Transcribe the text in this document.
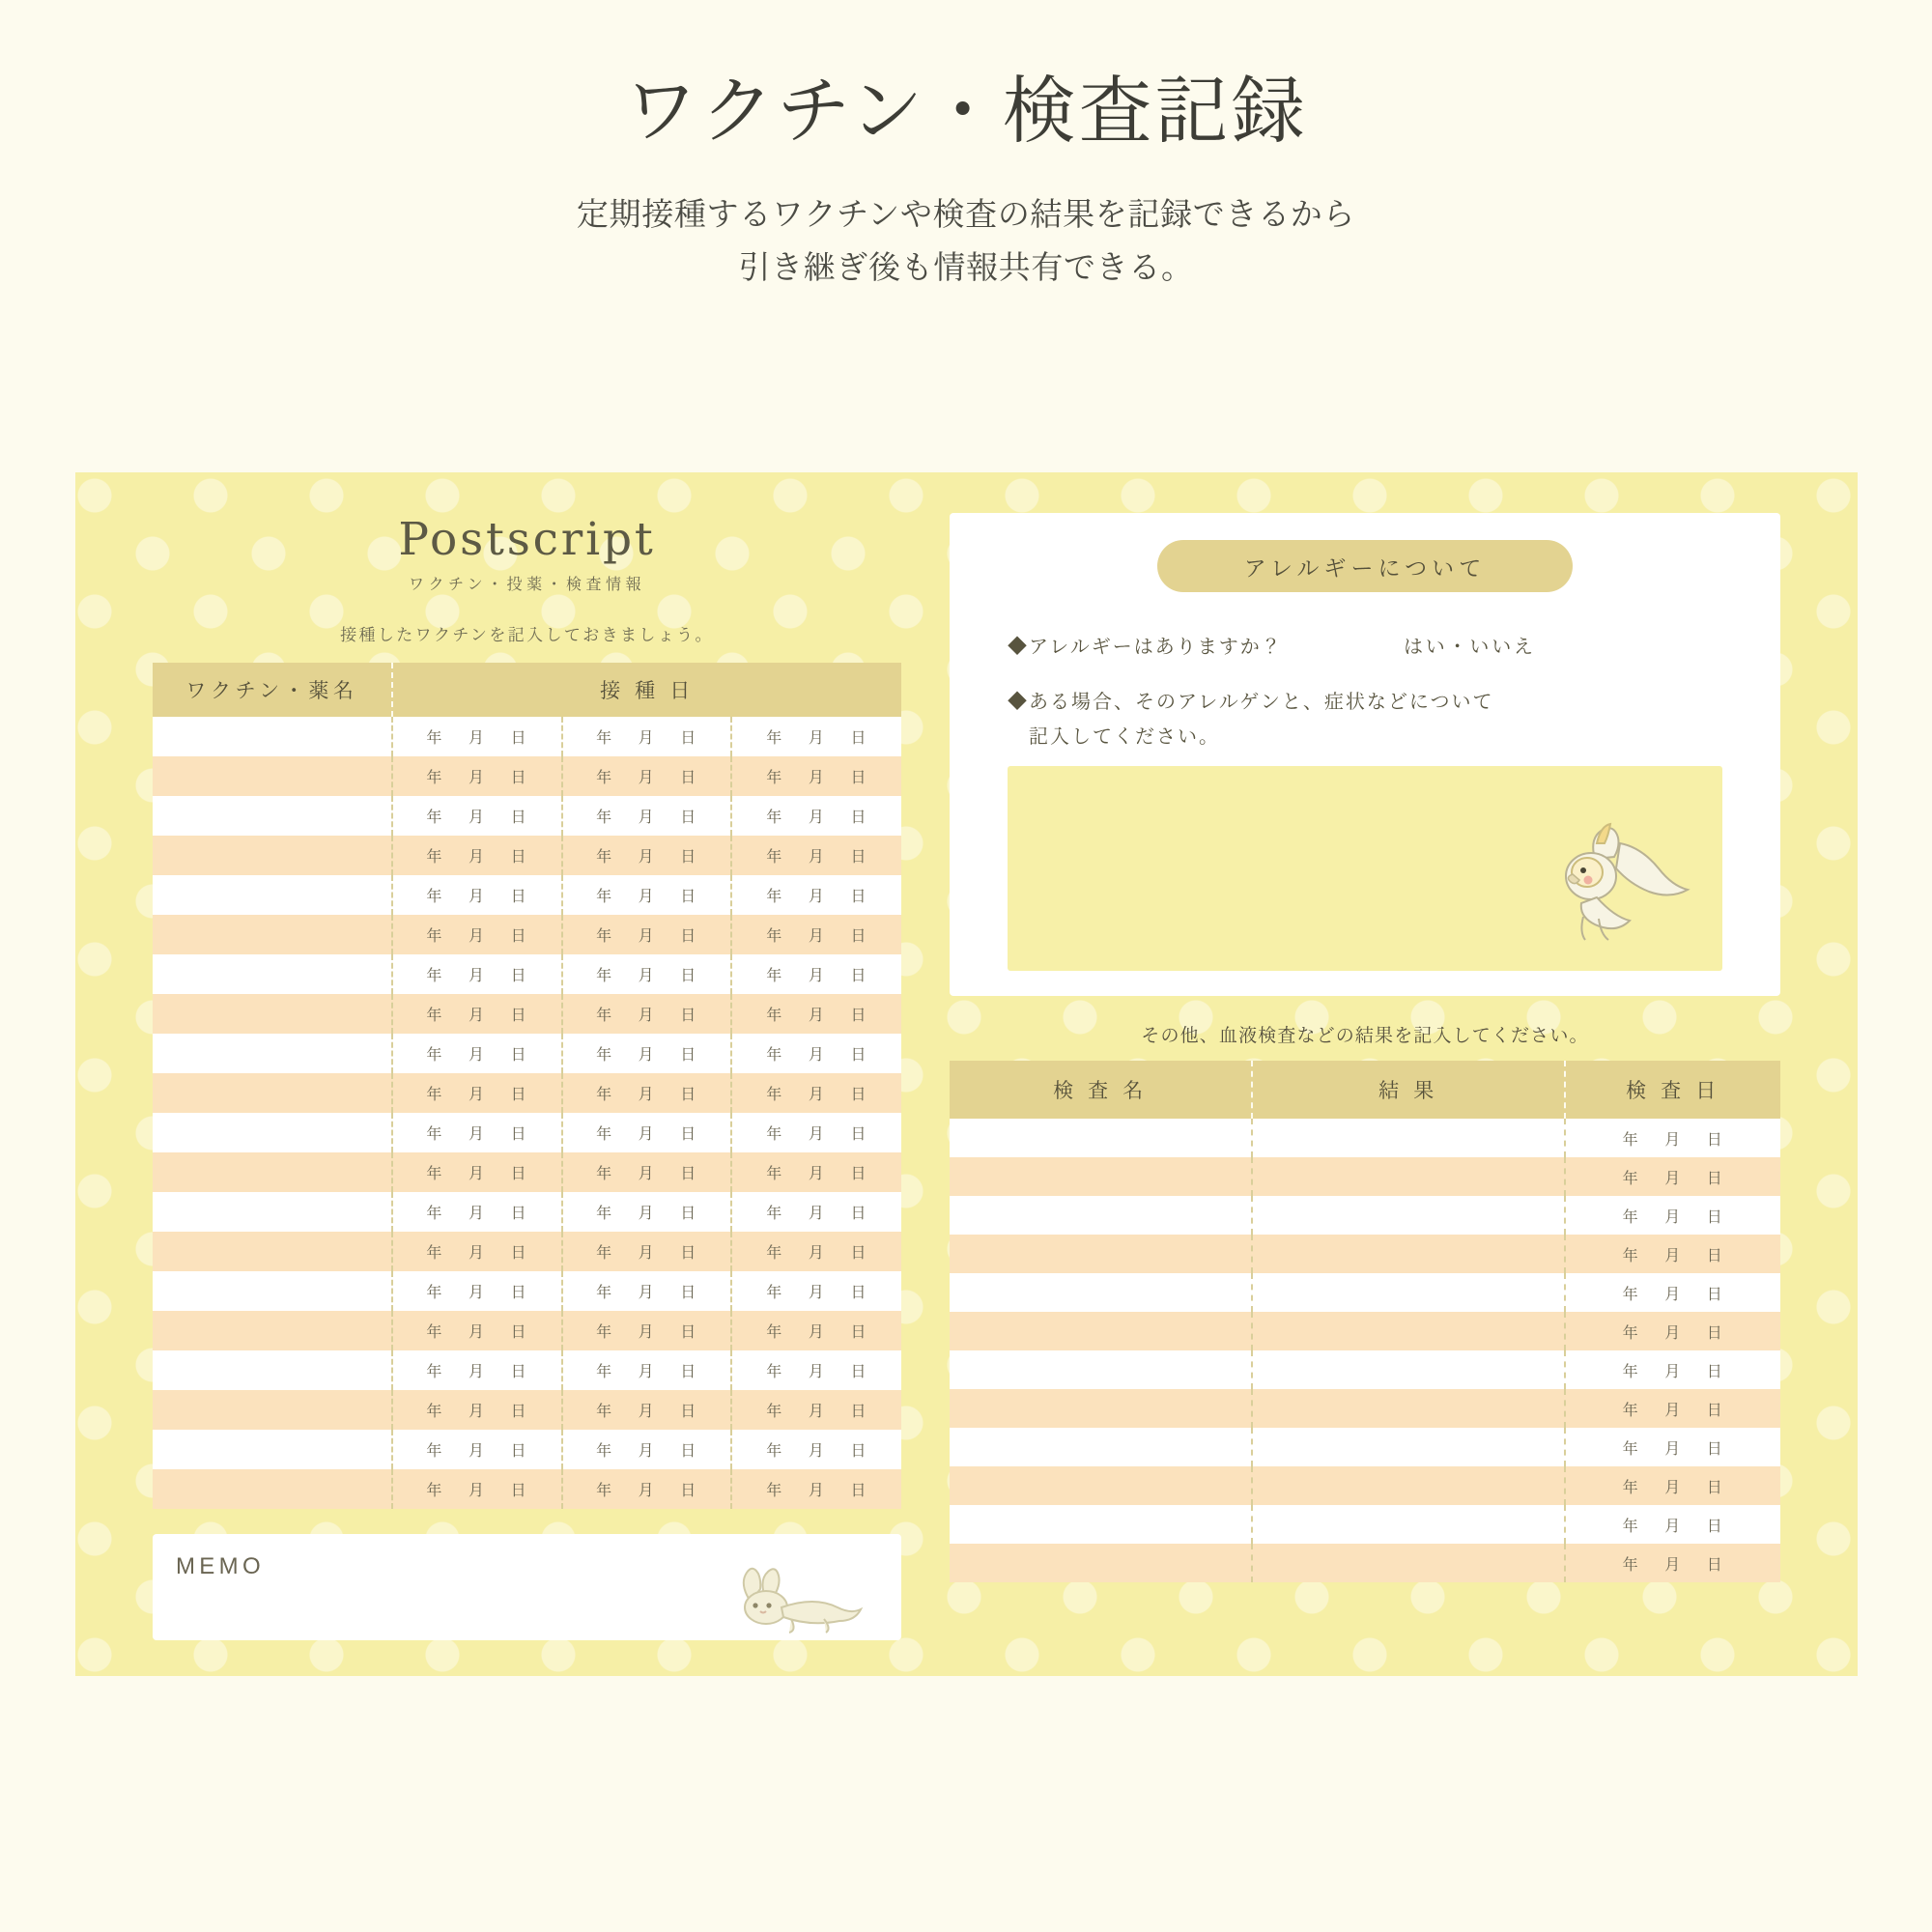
ワクチン・検査記録
定期接種するワクチンや検査の結果を記録できるから
引き継ぎ後も情報共有できる。
Postscript
ワクチン・投薬・検査情報
接種したワクチンを記入しておきましょう。
ワクチン・薬名	接 種 日		

	年 月 日	年 月 日	年 月 日

	年 月 日	年 月 日	年 月 日

	年 月 日	年 月 日	年 月 日

	年 月 日	年 月 日	年 月 日

	年 月 日	年 月 日	年 月 日

	年 月 日	年 月 日	年 月 日

	年 月 日	年 月 日	年 月 日

	年 月 日	年 月 日	年 月 日

	年 月 日	年 月 日	年 月 日

	年 月 日	年 月 日	年 月 日

	年 月 日	年 月 日	年 月 日

	年 月 日	年 月 日	年 月 日

	年 月 日	年 月 日	年 月 日

	年 月 日	年 月 日	年 月 日

	年 月 日	年 月 日	年 月 日

	年 月 日	年 月 日	年 月 日

	年 月 日	年 月 日	年 月 日

	年 月 日	年 月 日	年 月 日

	年 月 日	年 月 日	年 月 日

	年 月 日	年 月 日	年 月 日
MEMO
アレルギーについて
◆アレルギーはありますか？	はい・いいえ
◆ある場合、そのアレルゲンと、症状などについて
　記入してください。
その他、血液検査などの結果を記入してください。
検 査 名	結 果	検 査 日

		年 月 日

		年 月 日

		年 月 日

		年 月 日

		年 月 日

		年 月 日

		年 月 日

		年 月 日

		年 月 日

		年 月 日

		年 月 日

		年 月 日
